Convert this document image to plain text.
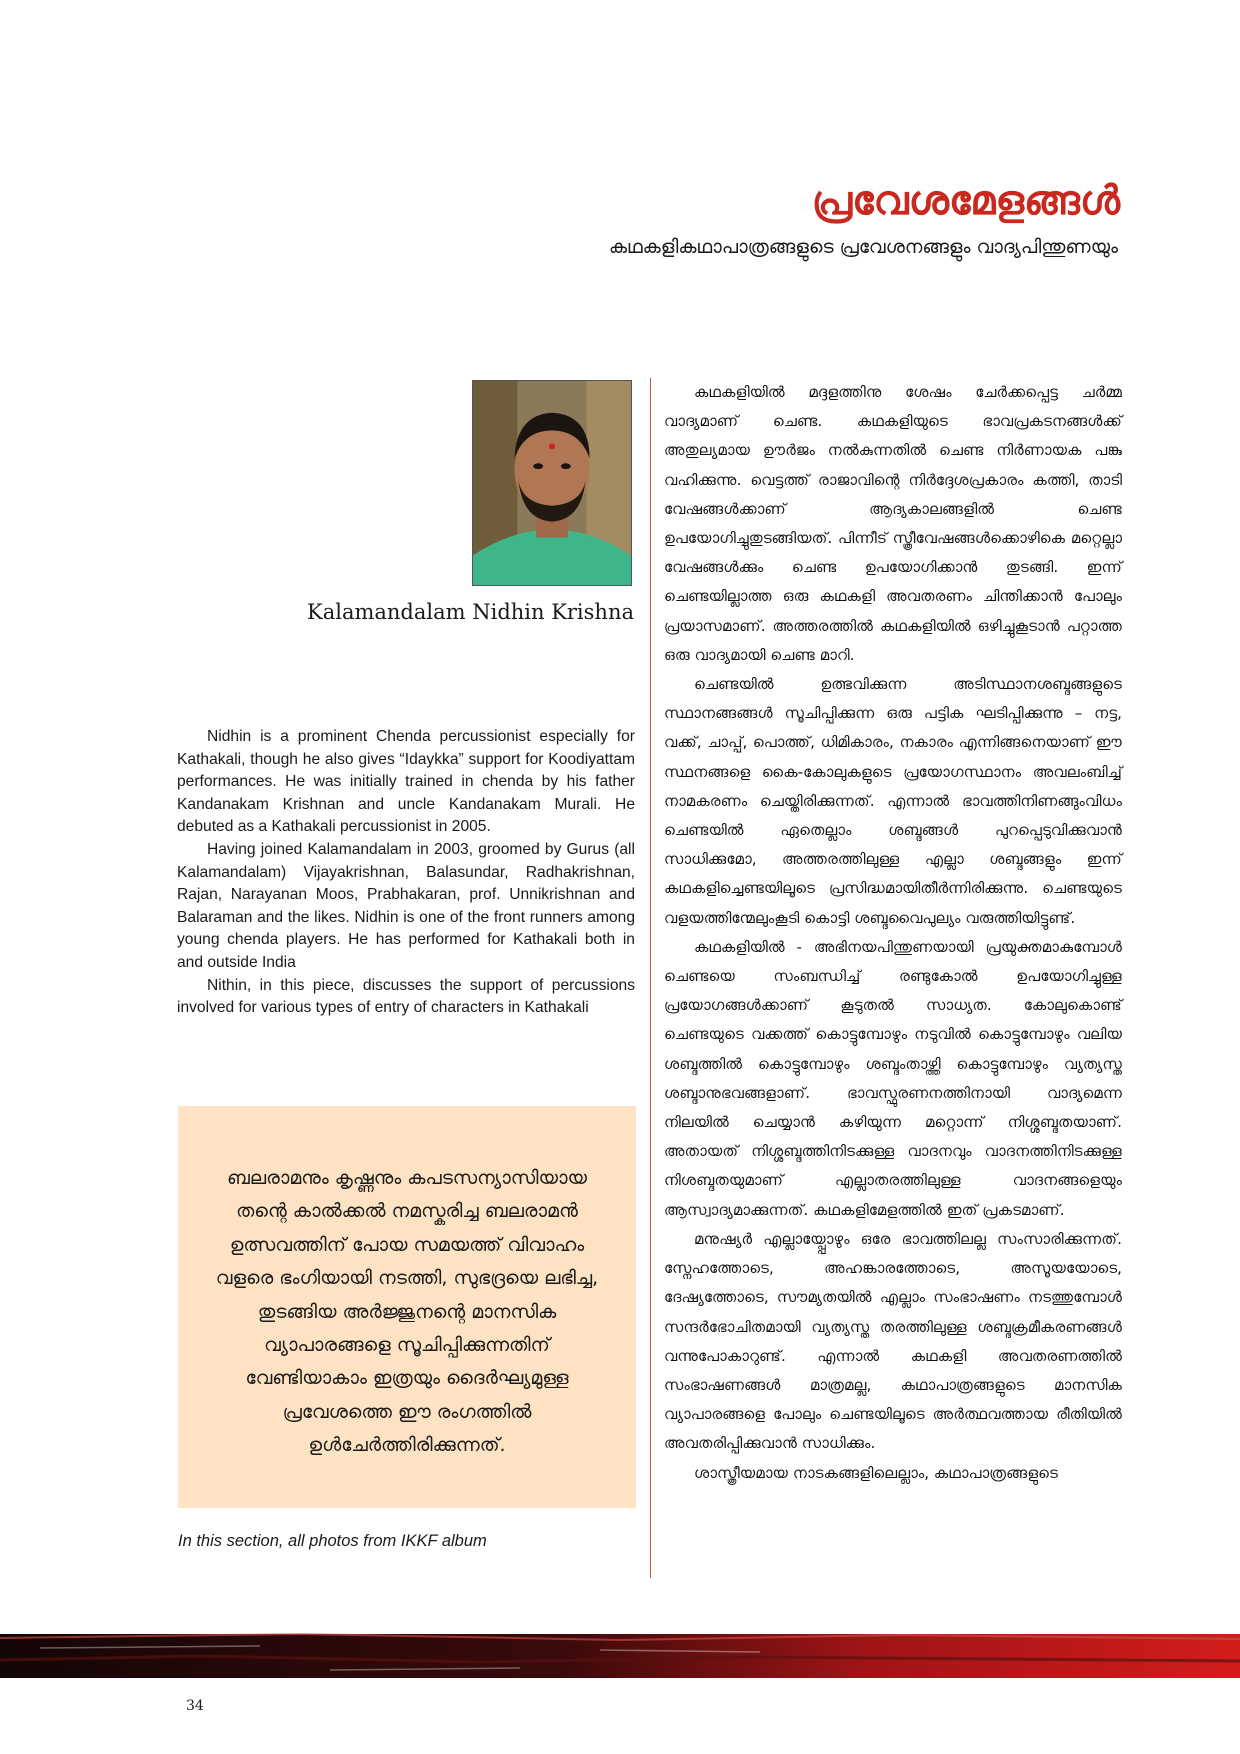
പ്രവേശമേളങ്ങൾ
കഥകളികഥാപാത്രങ്ങളുടെ പ്രവേശനങ്ങളും വാദ്യപിന്തുണയും
Kalamandalam Nidhin Krishna

Nidhin is a prominent Chenda percussionist especially for Kathakali, though he also gives “Idaykka” support for Koodiyattam performances. He was initially trained in chenda by his father Kandanakam Krishnan and uncle Kandanakam Murali. He debuted as a Kathakali percussionist in 2005.

Having joined Kalamandalam in 2003, groomed by Gurus (all Kalamandalam) Vijayakrishnan, Balasundar, Radhakrishnan, Rajan, Narayanan Moos, Prabhakaran, prof. Unnikrishnan and Balaraman and the likes. Nidhin is one of the front runners among young chenda players. He has performed for Kathakali both in and outside India

Nithin, in this piece, discusses the support of percussions involved for various types of entry of characters in Kathakali

ബലരാമനും കൃഷ്ണനും കപടസന്യാസിയായ തന്റെ കാൽക്കൽ നമസ്കരിച്ച ബലരാമൻ ഉത്സവത്തിന് പോയ സമയത്ത് വിവാഹം വളരെ ഭംഗിയായി നടത്തി, സുഭദ്രയെ ലഭിച്ച, തുടങ്ങിയ അർജ്ജുനന്റെ മാനസിക വ്യാപാരങ്ങളെ സൂചിപ്പിക്കുന്നതിന് വേണ്ടിയാകാം ഇത്രയും ദൈർഘ്യമുള്ള പ്രവേശത്തെ ഈ രംഗത്തിൽ ഉൾചേർത്തിരിക്കുന്നത്.

In this section, all photos from IKKF album

കഥകളിയിൽ മദ്ദളത്തിനു ശേഷം ചേർക്കപ്പെട്ട ചർമ്മ വാദ്യമാണ് ചെണ്ട. കഥകളിയുടെ ഭാവപ്രകടനങ്ങൾക്ക് അതുല്യമായ ഊർജം നൽകുന്നതിൽ ചെണ്ട നിർണായക പങ്കു വഹിക്കുന്നു. വെട്ടത്ത് രാജാവിന്റെ നിർദ്ദേശപ്രകാരം കത്തി, താടി വേഷങ്ങൾക്കാണ് ആദ്യകാലങ്ങളിൽ ചെണ്ട ഉപയോഗിച്ചുതുടങ്ങിയത്. പിന്നീട് സ്ത്രീവേഷങ്ങൾക്കൊഴികെ മറ്റെല്ലാ വേഷങ്ങൾക്കും ചെണ്ട ഉപയോഗിക്കാൻ തുടങ്ങി. ഇന്ന് ചെണ്ടയില്ലാത്ത ഒരു കഥകളി അവതരണം ചിന്തിക്കാൻ പോലും പ്രയാസമാണ്. അത്തരത്തിൽ കഥകളിയിൽ ഒഴിച്ചുകൂടാൻ പറ്റാത്ത ഒരു വാദ്യമായി ചെണ്ട മാറി.

ചെണ്ടയിൽ ഉത്ഭവിക്കുന്ന അടിസ്ഥാനശബ്ദങ്ങളുടെ സ്ഥാനങ്ങങ്ങൾ സൂചിപ്പിക്കുന്ന ഒരു പട്ടിക ഘടിപ്പിക്കുന്നു – നട്ട, വക്ക്, ചാപ്പ്, പൊത്ത്, ധിമികാരം, നകാരം എന്നിങ്ങനെയാണ് ഈ സ്ഥനങ്ങളെ കൈ-കോലുകളുടെ പ്രയോഗസ്ഥാനം അവലംബിച്ച് നാമകരണം ചെയ്തിരിക്കുന്നത്. എന്നാൽ ഭാവത്തിനിണങ്ങുംവിധം ചെണ്ടയിൽ ഏതെല്ലാം ശബ്ദങ്ങൾ പുറപ്പെടുവിക്കുവാൻ സാധിക്കുമോ, അത്തരത്തിലുള്ള എല്ലാ ശബ്ദങ്ങളും ഇന്ന് കഥകളിച്ചെണ്ടയിലൂടെ പ്രസിദ്ധമായിതീർന്നിരിക്കുന്നു. ചെണ്ടയുടെ വളയത്തിന്മേലുംകൂടി കൊട്ടി ശബ്ദവൈപുല്യം വരുത്തിയിട്ടുണ്ട്.

കഥകളിയിൽ - അഭിനയപിന്തുണയായി പ്രയുക്തമാകുമ്പോൾ ചെണ്ടയെ സംബന്ധിച്ച് രണ്ടുകോൽ ഉപയോഗിച്ചുള്ള പ്രയോഗങ്ങൾക്കാണ് കൂടുതൽ സാധ്യത. കോലുകൊണ്ട് ചെണ്ടയുടെ വക്കത്ത് കൊട്ടുമ്പോഴും നടുവിൽ കൊട്ടുമ്പോഴും വലിയ ശബ്ദത്തിൽ കൊട്ടുമ്പോഴും ശബ്ദംതാഴ്ത്തി കൊട്ടുമ്പോഴും വ്യത്യസ്ത ശബ്ദാനുഭവങ്ങളാണ്. ഭാവസ്ഫുരണനത്തിനായി വാദ്യമെന്ന നിലയിൽ ചെയ്യാൻ കഴിയുന്ന മറ്റൊന്ന് നിശ്ശബ്ദതയാണ്. അതായത് നിശ്ശബ്ദത്തിനിടക്കുള്ള വാദനവും വാദനത്തിനിടക്കുള്ള നിശബ്ദതയുമാണ് എല്ലാതരത്തിലുള്ള വാദനങ്ങളെയും ആസ്വാദ്യമാക്കുന്നത്. കഥകളിമേളത്തിൽ ഇത് പ്രകടമാണ്.

മനുഷ്യർ എല്ലായ്പ്പോഴും ഒരേ ഭാവത്തിലല്ല സംസാരിക്കുന്നത്. സ്നേഹത്തോടെ, അഹങ്കാരത്തോടെ, അസൂയയോടെ, ദേഷ്യത്തോടെ, സൗമ്യതയിൽ എല്ലാം സംഭാഷണം നടത്തുമ്പോൾ സന്ദർഭോചിതമായി വ്യത്യസ്ത തരത്തിലുള്ള ശബ്ദക്രമീകരണങ്ങൾ വന്നുപോകാറുണ്ട്. എന്നാൽ കഥകളി അവതരണത്തിൽ സംഭാഷണങ്ങൾ മാത്രമല്ല, കഥാപാത്രങ്ങളുടെ മാനസിക വ്യാപാരങ്ങളെ പോലും ചെണ്ടയിലൂടെ അർത്ഥവത്തായ രീതിയിൽ അവതരിപ്പിക്കുവാൻ സാധിക്കും.

ശാസ്ത്രീയമായ നാടകങ്ങളിലെല്ലാം, കഥാപാത്രങ്ങളുടെ

34
